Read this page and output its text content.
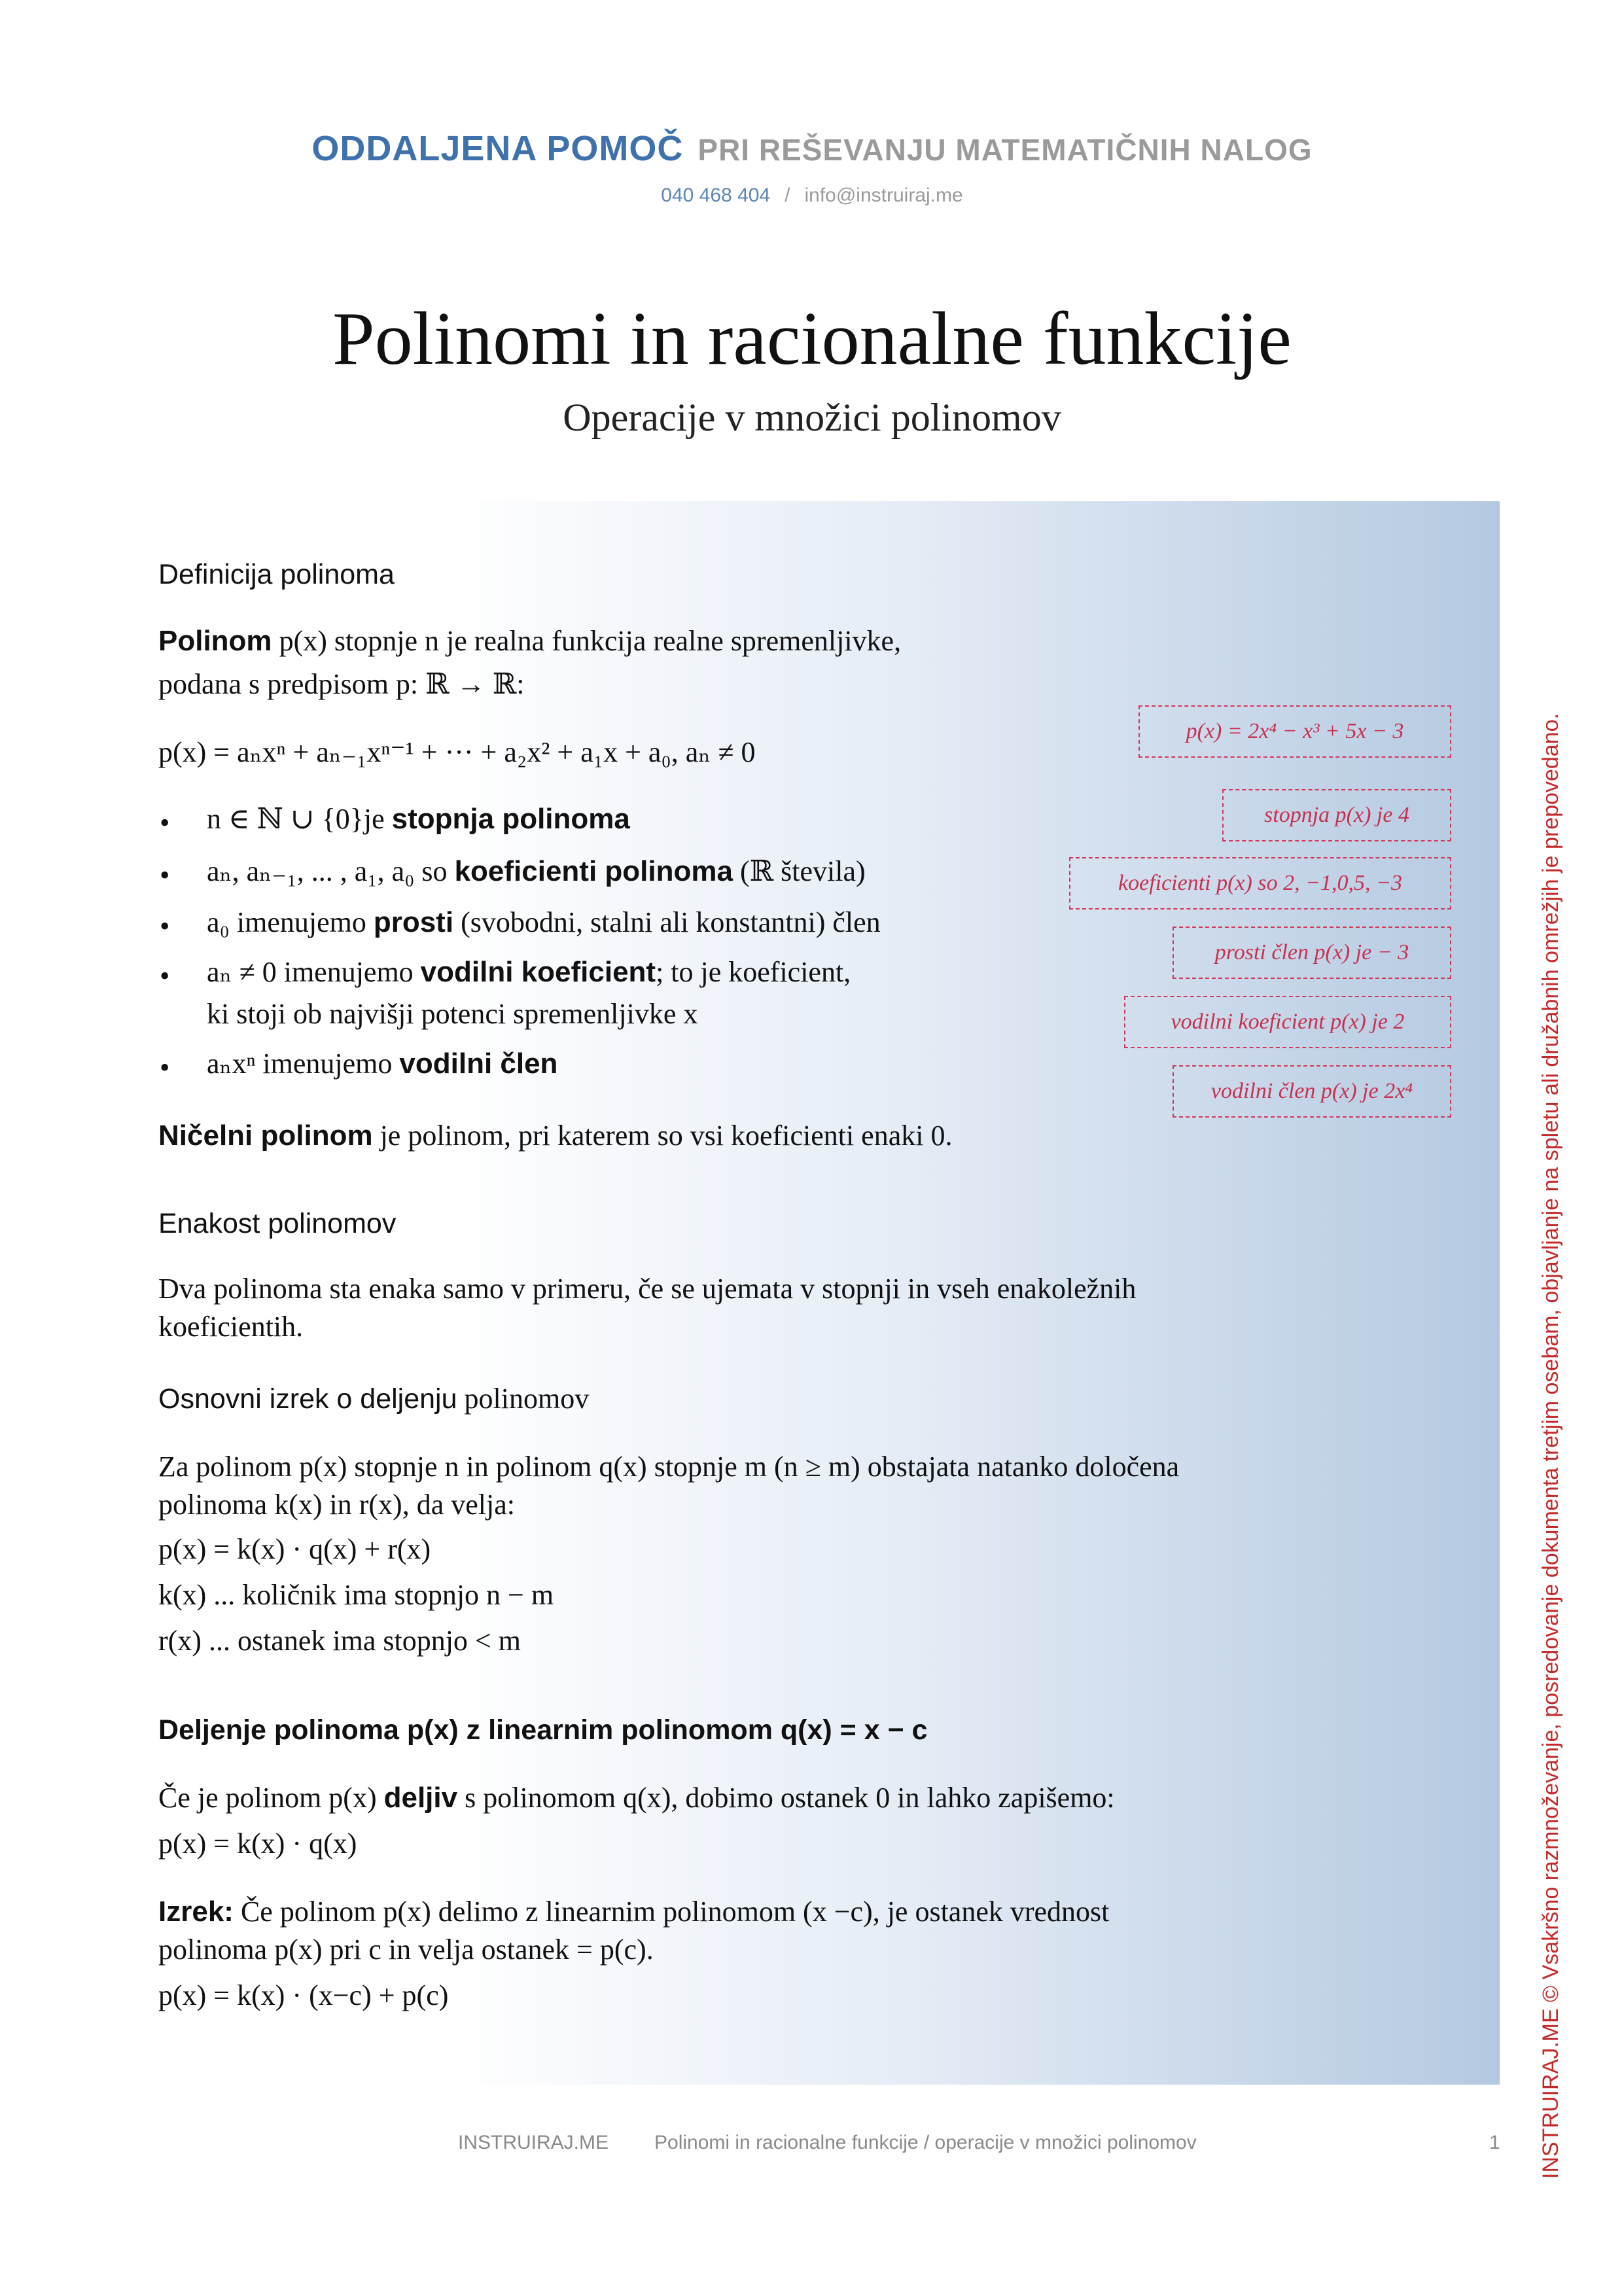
ODDALJENA POMOČ PRI REŠEVANJU MATEMATIČNIH NALOG
040 468 404 / info@instruiraj.me
Polinomi in racionalne funkcije
Operacije v množici polinomov
Definicija polinoma
Polinom p(x) stopnje n je realna funkcija realne spremenljivke,
podana s predpisom p: ℝ → ℝ:
p(x) = aₙxⁿ + aₙ₋₁xⁿ⁻¹ + ··· + a₂x² + a₁x + a₀, aₙ ≠ 0
• n ∈ ℕ ∪ {0}je stopnja polinoma
• aₙ, aₙ₋₁, ... , a₁, a₀ so koeficienti polinoma (ℝ števila)
• a₀ imenujemo prosti (svobodni, stalni ali konstantni) člen
• aₙ ≠ 0 imenujemo vodilni koeficient; to je koeficient,
ki stoji ob najvišji potenci spremenljivke x
• aₙxⁿ imenujemo vodilni člen
Ničelni polinom je polinom, pri katerem so vsi koeficienti enaki 0.
p(x) = 2x⁴ − x³ + 5x − 3
stopnja p(x) je 4
koeficienti p(x) so 2, −1,0,5, −3
prosti člen p(x) je − 3
vodilni koeficient p(x) je 2
vodilni člen p(x) je 2x⁴
Enakost polinomov
Dva polinoma sta enaka samo v primeru, če se ujemata v stopnji in vseh enakoležnih
koeficientih.
Osnovni izrek o deljenju polinomov
Za polinom p(x) stopnje n in polinom q(x) stopnje m (n ≥ m) obstajata natanko določena
polinoma k(x) in r(x), da velja:
p(x) = k(x) · q(x) + r(x)
k(x) ... količnik ima stopnjo n − m
r(x) ... ostanek ima stopnjo < m
Deljenje polinoma p(x) z linearnim polinomom q(x) = x − c
Če je polinom p(x) deljiv s polinomom q(x), dobimo ostanek 0 in lahko zapišemo:
p(x) = k(x) · q(x)
Izrek: Če polinom p(x) delimo z linearnim polinomom (x −c), je ostanek vrednost
polinoma p(x) pri c in velja ostanek = p(c).
p(x) = k(x) · (x−c) + p(c)	INSTRUIRAJ.ME © Vsakršno razmnoževanje, posredovanje dokumenta tretjim osebam, objavljanje na spletu ali družabnih omrežjih je prepovedano.
INSTRUIRAJ.ME Polinomi in racionalne funkcije / operacije v množici polinomov	1
